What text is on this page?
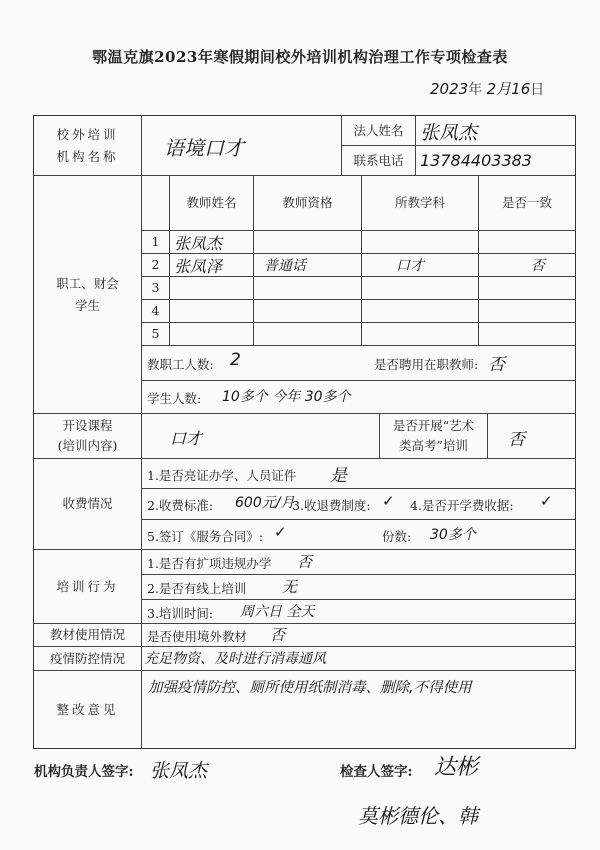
鄂温克旗2023年寒假期间校外培训机构治理工作专项检查表
2023年 2月16日
校外培训
机构名称 语境口才
法人姓名 张凤杰
联系电话	13784403383
职工、财会
学生
教师姓名	教师资格	所教学科	是否一致
1 张凤杰
2 张凤泽	普通话	口才	否
3
4
5
教职工人数: 2	是否聘用在职教师: 否
学生人数: 10多个 今年 30多个
开设课程
(培训内容)	口才
是否开展“艺术
类高考”培训 否
收费情况
1.是否亮证办学、人员证件 是
2.收费标准: 600元/月
3.收退费制度: ✓ 4.是否开学费收据: ✓
5.签订《服务合同》: ✓	份数: 30多个
培训行为
1.是否有扩项违规办学 否
2.是否有线上培训 无
3.培训时间: 周六日 全天
教材使用情况	是否使用境外教材 否
疫情防控情况	充足物资、及时进行消毒通风
整改意见
加强疫情防控、厕所使用纸制消毒、删除,不得使用
机构负责人签字: 张凤杰	检查人签字: 达彬
莫彬德伦、韩
